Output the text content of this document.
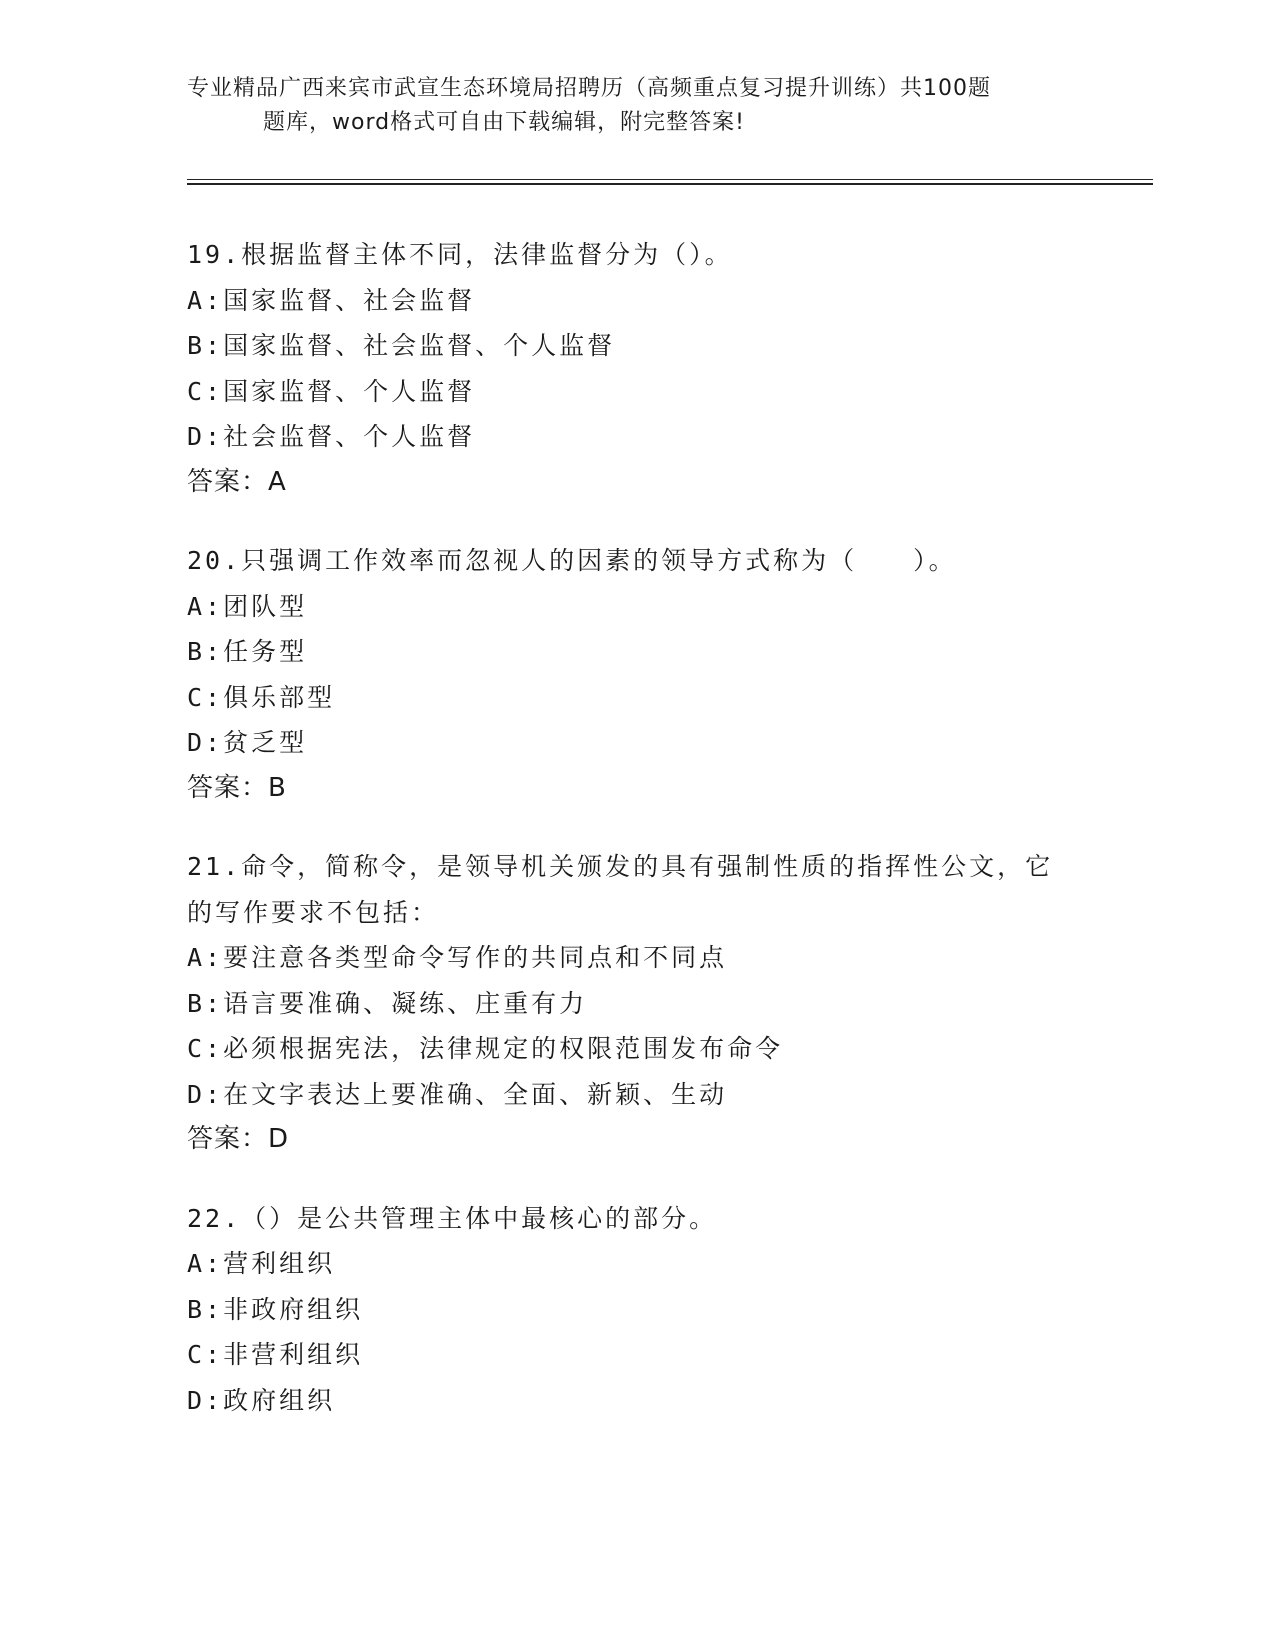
专业精品广西来宾市武宣生态环境局招聘历（高频重点复习提升训练）共100题
题库，word格式可自由下载编辑，附完整答案!
19.根据监督主体不同，法律监督分为（）。
A:国家监督、社会监督
B:国家监督、社会监督、个人监督
C:国家监督、个人监督
D:社会监督、个人监督
答案：A
20.只强调工作效率而忽视人的因素的领导方式称为（　　）。
A:团队型
B:任务型
C:俱乐部型
D:贫乏型
答案：B
21.命令，简称令，是领导机关颁发的具有强制性质的指挥性公文，它
的写作要求不包括：
A:要注意各类型命令写作的共同点和不同点
B:语言要准确、凝练、庄重有力
C:必须根据宪法，法律规定的权限范围发布命令
D:在文字表达上要准确、全面、新颖、生动
答案：D
22.（）是公共管理主体中最核心的部分。
A:营利组织
B:非政府组织
C:非营利组织
D:政府组织
